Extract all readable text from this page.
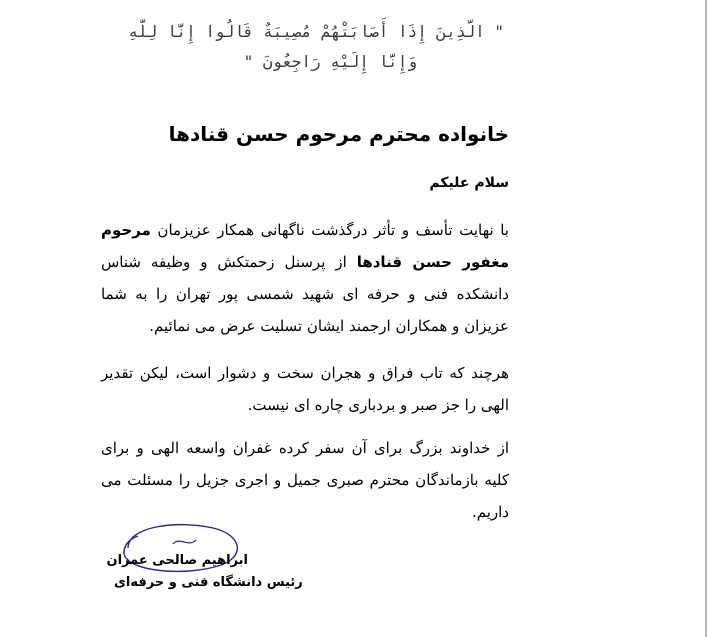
" الَّذِينَ إِذَا أَصَابَتْهُمْ مُصِيبَةٌ قَالُوا إِنَّا لِلَّهِ
وَإِنَّا إِلَيْهِ رَاجِعُونَ "
خانواده محترم مرحوم حسن قنادها
سلام علیکم
با نهایت تأسف و تأثر درگذشت ناگهانی همکار عزیزمان مرحوم مغفور حسن قنادها از پرسنل زحمتکش و وظیفه شناس دانشکده فنی و حرفه ای شهید شمسی پور تهران را به شما عزیزان و همکاران ارجمند ایشان تسلیت عرض می نمائیم.
هرچند که تاب فراق و هجران سخت و دشوار است، لیکن تقدیر الهی را جز صبر و بردباری چاره ای نیست.
از خداوند بزرگ برای آن سفر کرده غفران واسعه الهی و برای کلیه بازماندگان محترم صبری جمیل و اجری جزیل را مسئلت می داریم.
ابراهیم صالحی عمران
رئیس دانشگاه فنی و حرفه‌ای
